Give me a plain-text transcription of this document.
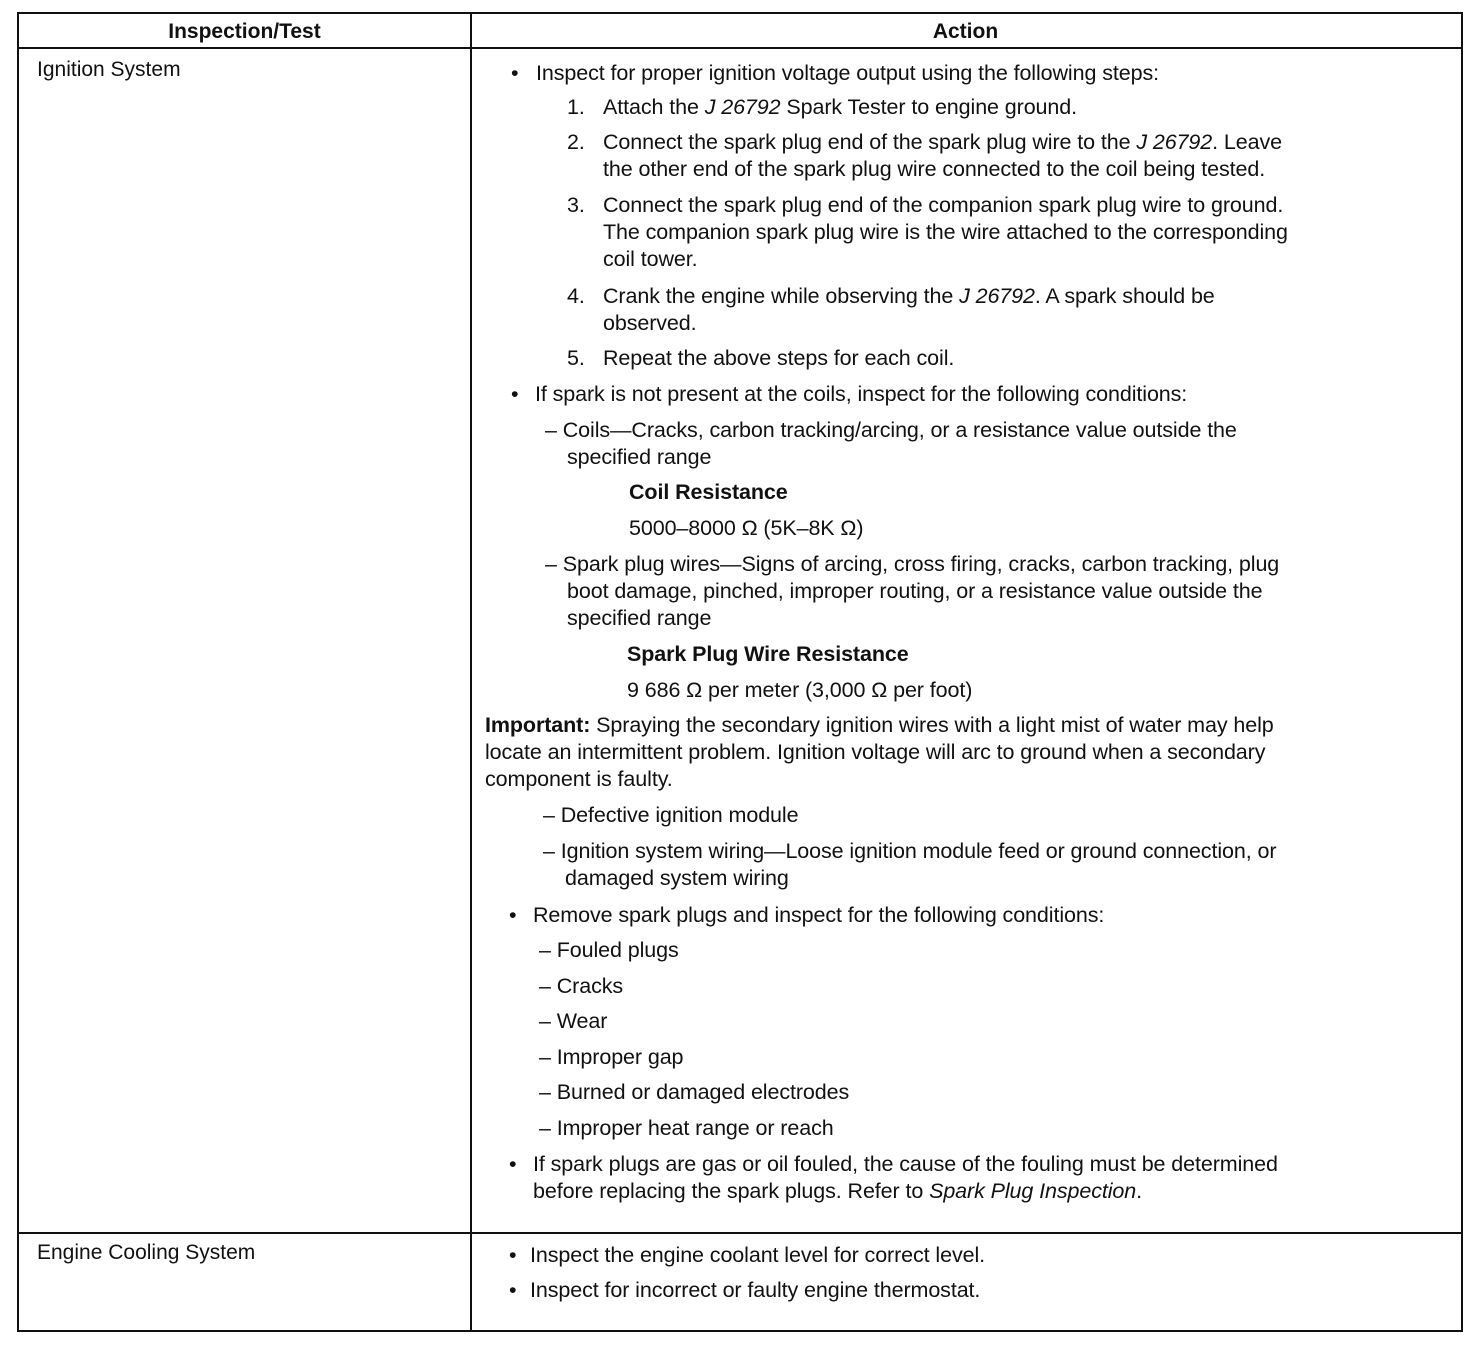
Inspection/Test	Action
Ignition System	• Inspect for proper ignition voltage output using the following steps:
1. Attach the J 26792 Spark Tester to engine ground.
2. Connect the spark plug end of the spark plug wire to the J 26792. Leave
the other end of the spark plug wire connected to the coil being tested.
3. Connect the spark plug end of the companion spark plug wire to ground.
The companion spark plug wire is the wire attached to the corresponding
coil tower.
4. Crank the engine while observing the J 26792. A spark should be
observed.
5. Repeat the above steps for each coil.
• If spark is not present at the coils, inspect for the following conditions:
– Coils—Cracks, carbon tracking/arcing, or a resistance value outside the
specified range
Coil Resistance
5000–8000 Ω (5K–8K Ω)
– Spark plug wires—Signs of arcing, cross firing, cracks, carbon tracking, plug
boot damage, pinched, improper routing, or a resistance value outside the
specified range
Spark Plug Wire Resistance
9 686 Ω per meter (3,000 Ω per foot)
Important: Spraying the secondary ignition wires with a light mist of water may help
locate an intermittent problem. Ignition voltage will arc to ground when a secondary
component is faulty.
– Defective ignition module
– Ignition system wiring—Loose ignition module feed or ground connection, or
damaged system wiring
• Remove spark plugs and inspect for the following conditions:
– Fouled plugs
– Cracks
– Wear
– Improper gap
– Burned or damaged electrodes
– Improper heat range or reach
• If spark plugs are gas or oil fouled, the cause of the fouling must be determined
before replacing the spark plugs. Refer to Spark Plug Inspection.
Engine Cooling System	• Inspect the engine coolant level for correct level.
• Inspect for incorrect or faulty engine thermostat.
